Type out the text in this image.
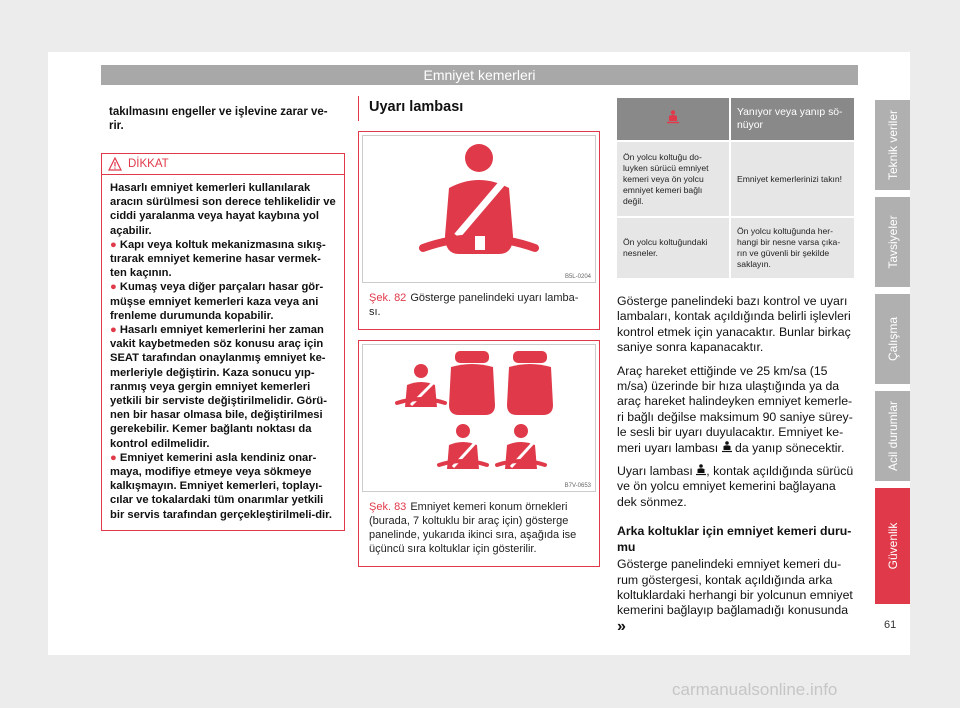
Emniyet kemerleri

takılmasını engeller ve işlevine zarar ve-rir.

DİKKAT

Hasarlı emniyet kemerleri kullanılarak aracın sürülmesi son derece tehlikelidir ve ciddi yaralanma veya hayat kaybına yol açabilir.

● Kapı veya koltuk mekanizmasına sıkış-tırarak emniyet kemerine hasar vermek-ten kaçının.

● Kumaş veya diğer parçaları hasar gör-müşse emniyet kemerleri kaza veya ani frenleme durumunda kopabilir.

● Hasarlı emniyet kemerlerini her zaman vakit kaybetmeden söz konusu araç için SEAT tarafından onaylanmış emniyet ke-merleriyle değiştirin. Kaza sonucu yıp-ranmış veya gergin emniyet kemerleri yetkili bir serviste değiştirilmelidir. Görü-nen bir hasar olmasa bile, değiştirilmesi gerekebilir. Kemer bağlantı noktası da kontrol edilmelidir.

● Emniyet kemerini asla kendiniz onar-maya, modifiye etmeye veya sökmeye kalkışmayın. Emniyet kemerleri, toplayı-cılar ve tokalardaki tüm onarımlar yetkili bir servis tarafından gerçekleştirilmeli-dir.

Uyarı lambası
B5L-0204
Şek. 82 Gösterge panelindeki uyarı lamba-sı.
B7V-0653
Şek. 83 Emniyet kemeri konum örnekleri (burada, 7 koltuklu bir araç için) gösterge panelinde, yukarıda ikinci sıra, aşağıda ise üçüncü sıra koltuklar için gösterilir.
	Yanıyor veya yanıp sö-nüyor
Ön yolcu koltuğu do-luyken sürücü emniyet kemeri veya ön yolcu emniyet kemeri bağlı değil.	Emniyet kemerlerinizi takın!
Ön yolcu koltuğundaki nesneler.	Ön yolcu koltuğunda her-hangi bir nesne varsa çıka-rın ve güvenli bir şekilde saklayın.

Gösterge panelindeki bazı kontrol ve uyarı lambaları, kontak açıldığında belirli işlevleri kontrol etmek için yanacaktır. Bunlar birkaç saniye sonra kapanacaktır.

Araç hareket ettiğinde ve 25 km/sa (15 m/sa) üzerinde bir hıza ulaştığında ya da araç hareket halindeyken emniyet kemerle-ri bağlı değilse maksimum 90 saniye sürey-le sesli bir uyarı duyulacaktır. Emniyet ke-meri uyarı lambası da yanıp sönecektir.

Uyarı lambası , kontak açıldığında sürücü ve ön yolcu emniyet kemerini bağlayana dek sönmez.

Arka koltuklar için emniyet kemeri duru-mu

Gösterge panelindeki emniyet kemeri du-rum göstergesi, kontak açıldığında arka koltuklardaki herhangi bir yolcunun emniyet kemerini bağlayıp bağlamadığı konusunda »

Teknik veriler
Tavsiyeler
Çalışma
Acil durumlar
Güvenlik
61
carmanualsonline.info
